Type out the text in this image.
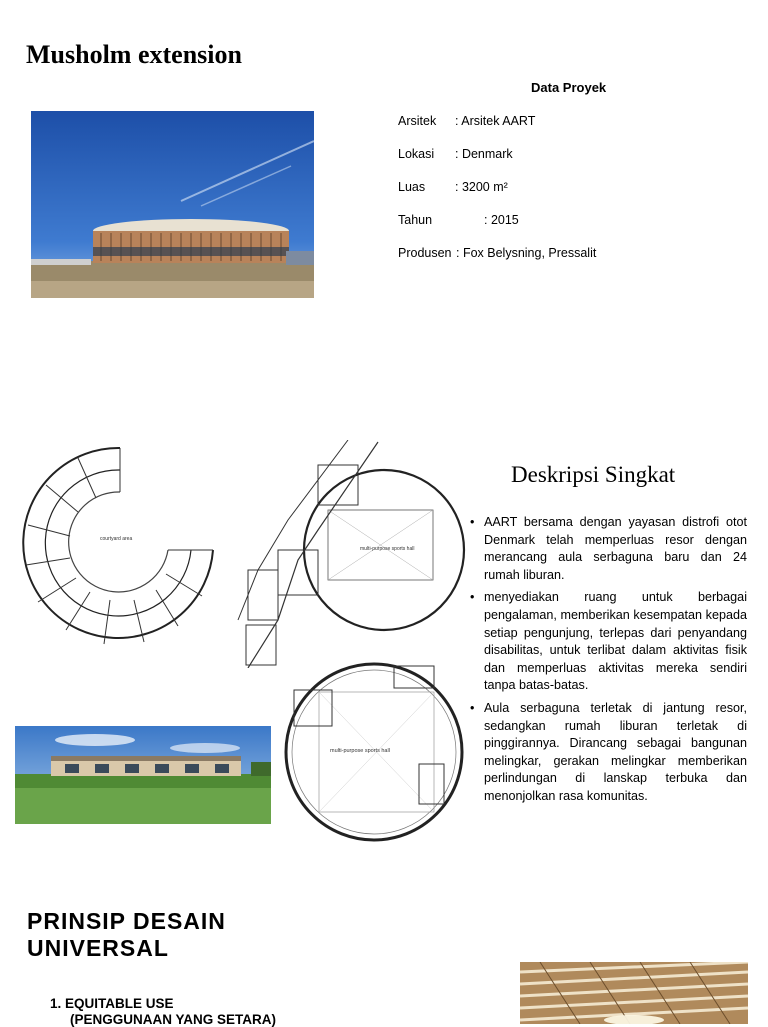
Musholm extension
Data Proyek
Arsitek : Arsitek AART
Lokasi : Denmark
Luas : 3200 m²
Tahun	: 2015
Produsen : Fox Belysning, Pressalit
courtyard area
multi-purpose sports hall
multi-purpose sports hall
Deskripsi Singkat
• AART bersama dengan yayasan distrofi otot Denmark telah memperluas resor dengan merancang aula serbaguna baru dan 24 rumah liburan.
• menyediakan ruang untuk berbagai pengalaman, memberikan kesempatan kepada setiap pengunjung, terlepas dari penyandang disabilitas, untuk terlibat dalam aktivitas fisik dan memperluas aktivitas mereka sendiri tanpa batas-batas.
• Aula serbaguna terletak di jantung resor, sedangkan rumah liburan terletak di pinggirannya. Dirancang sebagai bangunan melingkar, gerakan melingkar memberikan perlindungan di lanskap terbuka dan menonjolkan rasa komunitas.
PRINSIP DESAIN UNIVERSAL
1. EQUITABLE USE
(PENGGUNAAN YANG SETARA)
